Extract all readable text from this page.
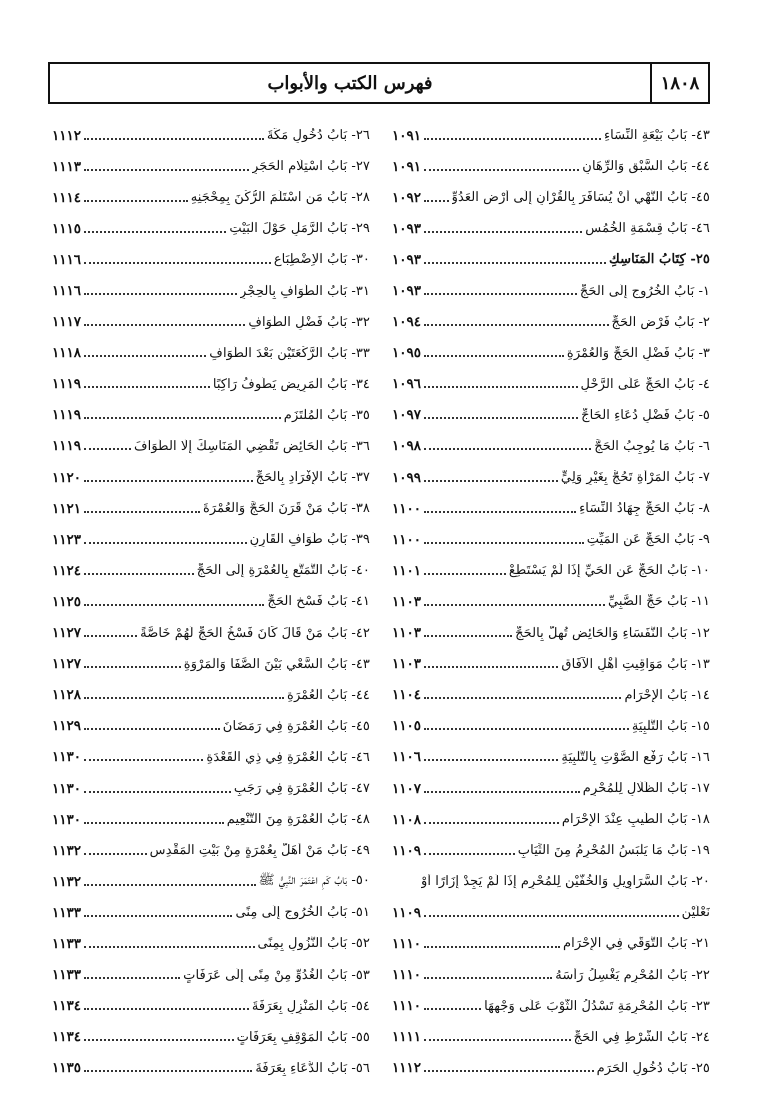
١٨٠٨
فهرس الكتب والأبواب
٤٣- بَابُ بَيْعَةِ النِّسَاءِ
١٠٩١
٤٤- بَابُ السَّبْقِ وَالرِّهَانِ
١٠٩١
٤٥- بَابُ النَّهْيِ أَنْ يُسَافَرَ بِالْقُرْآنِ إِلَى أَرْضِ الْعَدُوِّ
١٠٩٢
٤٦- بَابُ قِسْمَةِ الْخُمُسِ
١٠٩٣
٢٥- كِتَابُ الْمَنَاسِكِ
١٠٩٣
١- بَابُ الْخُرُوجِ إِلَى الْحَجِّ
١٠٩٣
٢- بَابُ فَرْضِ الْحَجِّ
١٠٩٤
٣- بَابُ فَضْلِ الْحَجِّ وَالْعُمْرَةِ
١٠٩٥
٤- بَابُ الْحَجِّ عَلَى الرَّحْلِ
١٠٩٦
٥- بَابُ فَضْلِ دُعَاءِ الْحَاجِّ
١٠٩٧
٦- بَابُ مَا يُوجِبُ الْحَجَّ
١٠٩٨
٧- بَابُ الْمَرْأَةِ تَحُجُّ بِغَيْرِ وَلِيٍّ
١٠٩٩
٨- بَابُ الْحَجِّ جِهَادُ النِّسَاءِ
١١٠٠
٩- بَابُ الْحَجِّ عَنِ الْمَيِّتِ
١١٠٠
١٠- بَابُ الْحَجِّ عَنِ الْحَيِّ إِذَا لَمْ يَسْتَطِعْ
١١٠١
١١- بَابُ حَجِّ الصَّبِيِّ
١١٠٣
١٢- بَابُ النُّفَسَاءِ وَالْحَائِضِ تُهِلُّ بِالْحَجِّ
١١٠٣
١٣- بَابُ مَوَاقِيتِ أَهْلِ الْآفَاقِ
١١٠٣
١٤- بَابُ الْإِحْرَامِ
١١٠٤
١٥- بَابُ التَّلْبِيَةِ
١١٠٥
١٦- بَابُ رَفْعِ الصَّوْتِ بِالتَّلْبِيَةِ
١١٠٦
١٧- بَابُ الظِّلَالِ لِلْمُحْرِمِ
١١٠٧
١٨- بَابُ الطِّيبِ عِنْدَ الْإِحْرَامِ
١١٠٨
١٩- بَابُ مَا يَلْبَسُ الْمُحْرِمُ مِنَ الثِّيَابِ
١١٠٩
٢٠- بَابُ السَّرَاوِيلِ وَالْخُفَّيْنِ لِلْمُحْرِمِ إِذَا لَمْ يَجِدْ إِزَارًا أَوْ
نَعْلَيْنِ
١١٠٩
٢١- بَابُ التَّوَقِّي فِي الْإِحْرَامِ
١١١٠
٢٢- بَابُ الْمُحْرِمِ يَغْسِلُ رَأْسَهُ
١١١٠
٢٣- بَابُ الْمُحْرِمَةِ تَسْدُلُ الثَّوْبَ عَلَى وَجْهِهَا
١١١٠
٢٤- بَابُ الشَّرْطِ فِي الْحَجِّ
١١١١
٢٥- بَابُ دُخُولِ الْحَرَمِ
١١١٢
٢٦- بَابُ دُخُولِ مَكَّةَ
١١١٢
٢٧- بَابُ اسْتِلَامِ الْحَجَرِ
١١١٣
٢٨- بَابُ مَنِ اسْتَلَمَ الرُّكْنَ بِمِحْجَنِهِ
١١١٤
٢٩- بَابُ الرَّمَلِ حَوْلَ الْبَيْتِ
١١١٥
٣٠- بَابُ الْاِضْطِبَاعِ
١١١٦
٣١- بَابُ الطَّوَافِ بِالْحِجْرِ
١١١٦
٣٢- بَابُ فَضْلِ الطَّوَافِ
١١١٧
٣٣- بَابُ الرَّكْعَتَيْنِ بَعْدَ الطَّوَافِ
١١١٨
٣٤- بَابُ الْمَرِيضِ يَطُوفُ رَاكِبًا
١١١٩
٣٥- بَابُ الْمُلْتَزَمِ
١١١٩
٣٦- بَابُ الْحَائِضِ تَقْضِي الْمَنَاسِكَ إِلَّا الطَّوَافَ
١١١٩
٣٧- بَابُ الْإِفْرَادِ بِالْحَجِّ
١١٢٠
٣٨- بَابُ مَنْ قَرَنَ الْحَجَّ وَالْعُمْرَةَ
١١٢١
٣٩- بَابُ طَوَافِ الْقَارِنِ
١١٢٣
٤٠- بَابُ التَّمَتُّعِ بِالْعُمْرَةِ إِلَى الْحَجِّ
١١٢٤
٤١- بَابُ فَسْخِ الْحَجِّ
١١٢٥
٤٢- بَابُ مَنْ قَالَ كَانَ فَسْخُ الْحَجِّ لَهُمْ خَاصَّةً
١١٢٧
٤٣- بَابُ السَّعْيِ بَيْنَ الصَّفَا وَالْمَرْوَةِ
١١٢٧
٤٤- بَابُ الْعُمْرَةِ
١١٢٨
٤٥- بَابُ الْعُمْرَةِ فِي رَمَضَانَ
١١٢٩
٤٦- بَابُ الْعُمْرَةِ فِي ذِي الْقَعْدَةِ
١١٣٠
٤٧- بَابُ الْعُمْرَةِ فِي رَجَبٍ
١١٣٠
٤٨- بَابُ الْعُمْرَةِ مِنَ التَّنْعِيمِ
١١٣٠
٤٩- بَابُ مَنْ أَهَلَّ بِعُمْرَةٍ مِنْ بَيْتِ الْمَقْدِسِ
١١٣٢
٥٠- بَابُ كَمِ اعْتَمَرَ النَّبِيُّ ﷺ
١١٣٢
٥١- بَابُ الْخُرُوجِ إِلَى مِنًى
١١٣٣
٥٢- بَابُ النُّزُولِ بِمِنًى
١١٣٣
٥٣- بَابُ الْغُدُوِّ مِنْ مِنًى إِلَى عَرَفَاتٍ
١١٣٣
٥٤- بَابُ الْمَنْزِلِ بِعَرَفَةَ
١١٣٤
٥٥- بَابُ الْمَوْقِفِ بِعَرَفَاتٍ
١١٣٤
٥٦- بَابُ الدُّعَاءِ بِعَرَفَةَ
١١٣٥
